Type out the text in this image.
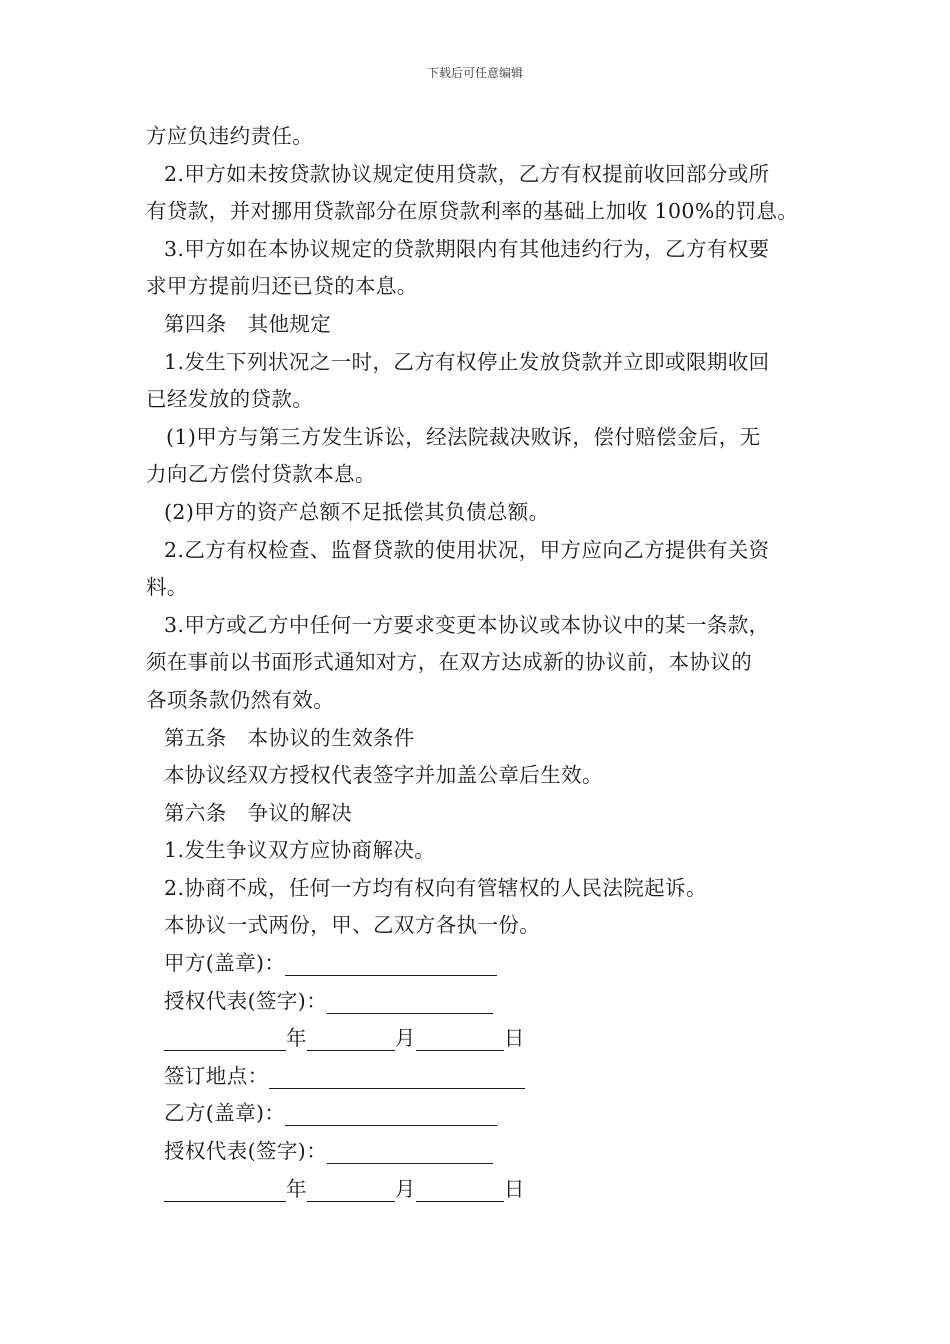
下载后可任意编辑
方应负违约责任。
2.甲方如未按贷款协议规定使用贷款，乙方有权提前收回部分或所
有贷款，并对挪用贷款部分在原贷款利率的基础上加收 100%的罚息。
3.甲方如在本协议规定的贷款期限内有其他违约行为，乙方有权要
求甲方提前归还已贷的本息。
第四条　其他规定
1.发生下列状况之一时，乙方有权停止发放贷款并立即或限期收回
已经发放的贷款。
(1)甲方与第三方发生诉讼，经法院裁决败诉，偿付赔偿金后，无
力向乙方偿付贷款本息。
(2)甲方的资产总额不足抵偿其负债总额。
2.乙方有权检查、监督贷款的使用状况，甲方应向乙方提供有关资
料。
3.甲方或乙方中任何一方要求变更本协议或本协议中的某一条款，
须在事前以书面形式通知对方，在双方达成新的协议前，本协议的
各项条款仍然有效。
第五条　本协议的生效条件
本协议经双方授权代表签字并加盖公章后生效。
第六条　争议的解决
1.发生争议双方应协商解决。
2.协商不成，任何一方均有权向有管辖权的人民法院起诉。
本协议一式两份，甲、乙双方各执一份。
甲方(盖章)：
授权代表(签字)：
年	月	日
签订地点：
乙方(盖章)：
授权代表(签字)：
年	月	日
